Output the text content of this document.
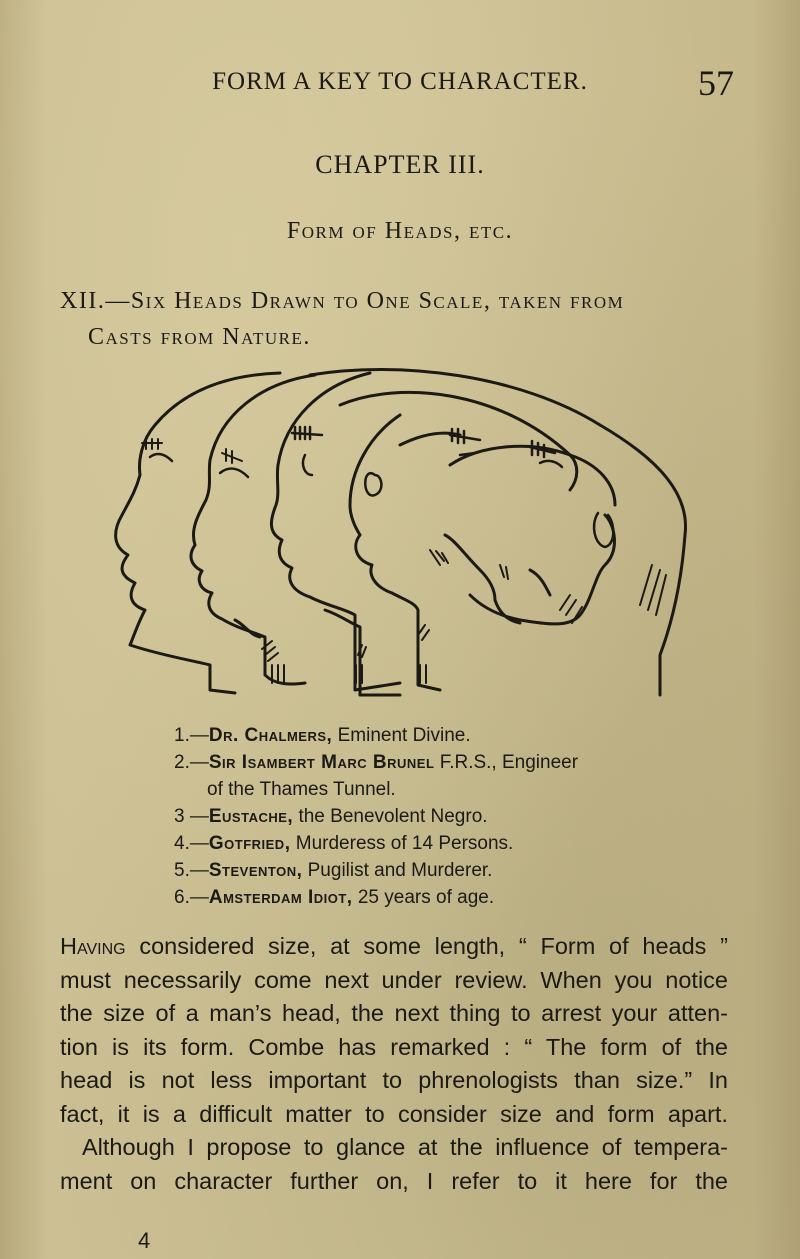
FORM A KEY TO CHARACTER.	57
CHAPTER III.
Form of Heads, etc.
XII.—Six Heads Drawn to One Scale, taken from
Casts from Nature.
1.—Dr. Chalmers, Eminent Divine.
2.—Sir Isambert Marc Brunel F.R.S., Engineer
of the Thames Tunnel.
3 —Eustache, the Benevolent Negro.
4.—Gotfried, Murderess of 14 Persons.
5.—Steventon, Pugilist and Murderer.
6.—Amsterdam Idiot, 25 years of age.
Having considered size, at some length, “ Form of heads ”
must necessarily come next under review. When you notice
the size of a man’s head, the next thing to arrest your atten-
tion is its form. Combe has remarked : “ The form of the
head is not less important to phrenologists than size.” In
fact, it is a difficult matter to consider size and form apart.
Although I propose to glance at the influence of tempera-
ment on character further on, I refer to it here for the
4
